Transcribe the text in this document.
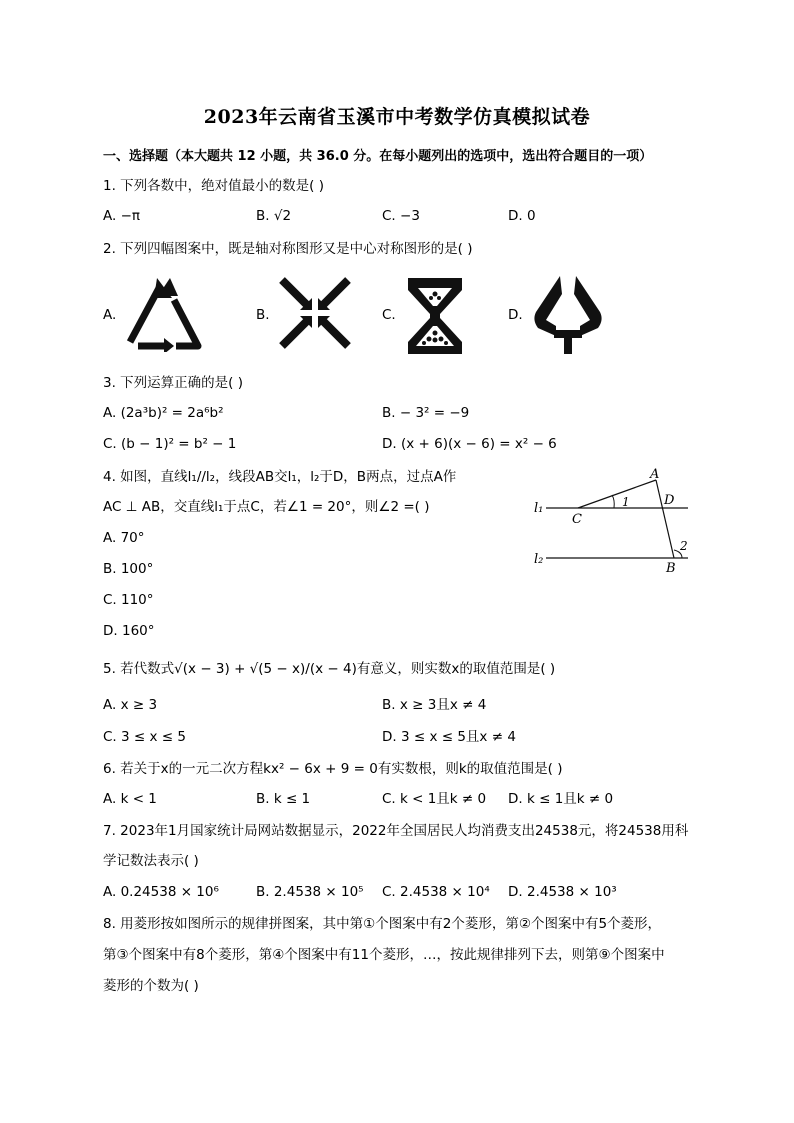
2023年云南省玉溪市中考数学仿真模拟试卷
一、选择题（本大题共 12 小题，共 36.0 分。在每小题列出的选项中，选出符合题目的一项）
1. 下列各数中，绝对值最小的数是( )
A. −π	B. √2	C. −3	D. 0
2. 下列四幅图案中，既是轴对称图形又是中心对称图形的是( )
A.	B.	C.	D.
3. 下列运算正确的是( )
A. (2a³b)² = 2a⁶b²	B. − 3² = −9
C. (b − 1)² = b² − 1	D. (x + 6)(x − 6) = x² − 6
4. 如图，直线l₁//l₂，线段AB交l₁，l₂于D，B两点，过点A作
AC ⊥ AB，交直线l₁于点C，若∠1 = 20°，则∠2 =( )
A. 70°
B. 100°
C. 110°
D. 160°
l₁
l₂
A
D
C
B
1
2
5. 若代数式√(x − 3) + √(5 − x)/(x − 4)有意义，则实数x的取值范围是( )
A. x ≥ 3	B. x ≥ 3且x ≠ 4
C. 3 ≤ x ≤ 5	D. 3 ≤ x ≤ 5且x ≠ 4
6. 若关于x的一元二次方程kx² − 6x + 9 = 0有实数根，则k的取值范围是( )
A. k < 1	B. k ≤ 1	C. k < 1且k ≠ 0 D. k ≤ 1且k ≠ 0
7. 2023年1月国家统计局网站数据显示，2022年全国居民人均消费支出24538元，将24538用科
学记数法表示( )
A. 0.24538 × 10⁶	B. 2.4538 × 10⁵ C. 2.4538 × 10⁴ D. 2.4538 × 10³
8. 用菱形按如图所示的规律拼图案，其中第①个图案中有2个菱形，第②个图案中有5个菱形，
第③个图案中有8个菱形，第④个图案中有11个菱形，…，按此规律排列下去，则第⑨个图案中
菱形的个数为( )
